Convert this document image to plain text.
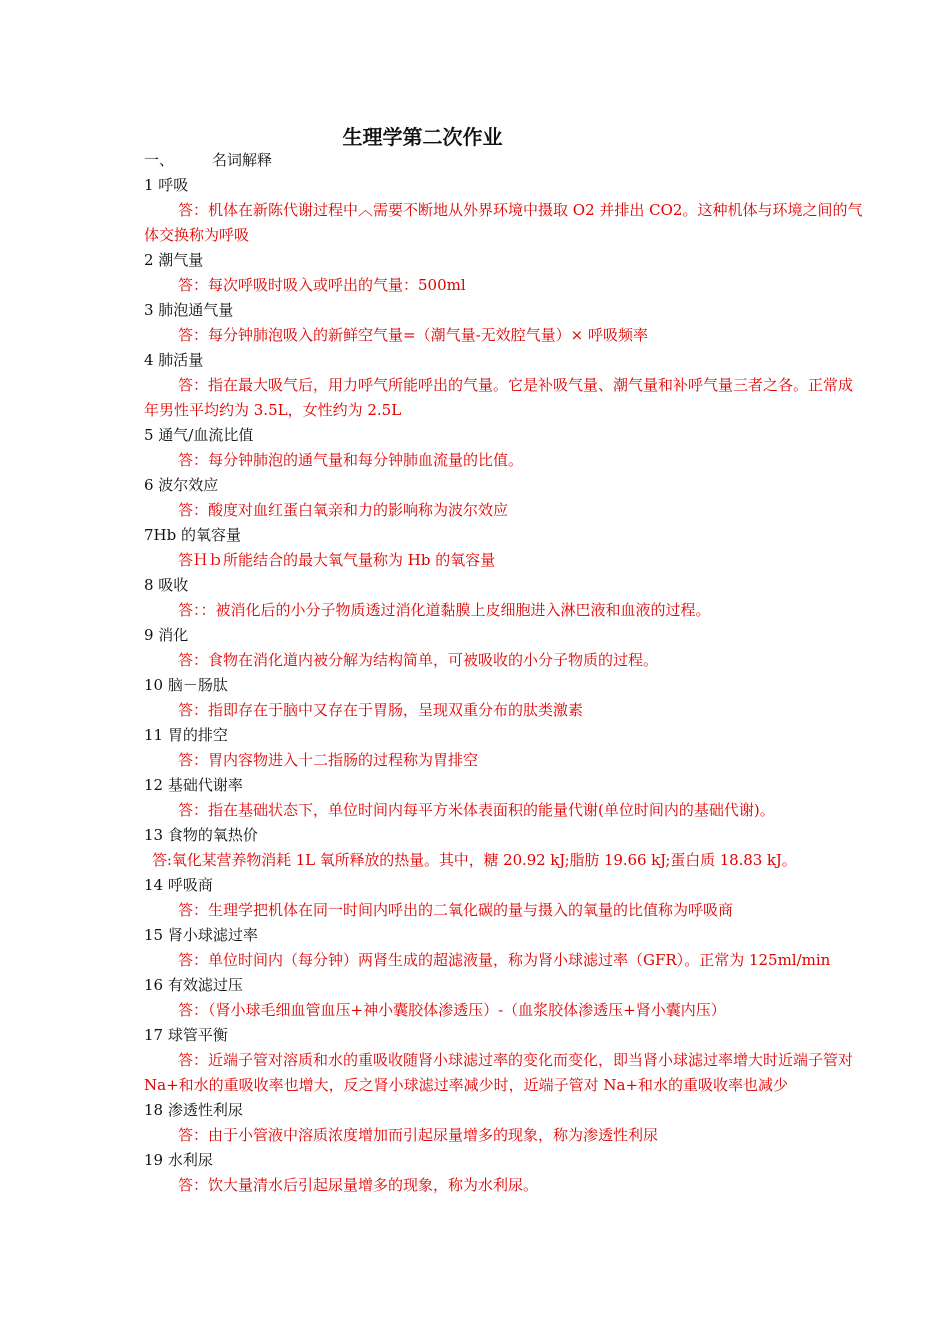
生理学第二次作业
一、	名词解释
1 呼吸
答：机体在新陈代谢过程中︿需要不断地从外界环境中摄取 O2 并排出 CO2。这种机体与环境之间的气体交换称为呼吸
2 潮气量
答：每次呼吸时吸入或呼出的气量：500ml
3 肺泡通气量
答：每分钟肺泡吸入的新鲜空气量=（潮气量-无效腔气量）× 呼吸频率
4 肺活量
答：指在最大吸气后，用力呼气所能呼出的气量。它是补吸气量、潮气量和补呼气量三者之各。正常成年男性平均约为 3.5L，女性约为 2.5L
5 通气/血流比值
答：每分钟肺泡的通气量和每分钟肺血流量的比值。
6 波尔效应
答：酸度对血红蛋白氧亲和力的影响称为波尔效应
7Hb 的氧容量
答Ｈｂ所能结合的最大氧气量称为 Hb 的氧容量
8 吸收
答：：被消化后的小分子物质透过消化道黏膜上皮细胞进入淋巴液和血液的过程。
9 消化
答：食物在消化道内被分解为结构简单，可被吸收的小分子物质的过程。
10 脑－肠肽
答：指即存在于脑中又存在于胃肠，呈现双重分布的肽类激素
11 胃的排空
答：胃内容物进入十二指肠的过程称为胃排空
12 基础代谢率
答：指在基础状态下，单位时间内每平方米体表面积的能量代谢(单位时间内的基础代谢)。
13 食物的氧热价
答:氧化某营养物消耗 1L 氧所释放的热量。其中，糖 20.92 kJ;脂肪 19.66 kJ;蛋白质 18.83 kJ。
14 呼吸商
答：生理学把机体在同一时间内呼出的二氧化碳的量与摄入的氧量的比值称为呼吸商
15 肾小球滤过率
答：单位时间内（每分钟）两肾生成的超滤液量，称为肾小球滤过率（GFR）。正常为 125ml/min
16 有效滤过压
答：（肾小球毛细血管血压+神小囊胶体渗透压）-（血浆胶体渗透压+肾小囊内压）
17 球管平衡
答：近端子管对溶质和水的重吸收随肾小球滤过率的变化而变化，即当肾小球滤过率增大时近端子管对 Na+和水的重吸收率也增大，反之肾小球滤过率减少时，近端子管对 Na+和水的重吸收率也减少
18 渗透性利尿
答：由于小管液中溶质浓度增加而引起尿量增多的现象，称为渗透性利尿
19 水利尿
答：饮大量清水后引起尿量增多的现象，称为水利尿。
